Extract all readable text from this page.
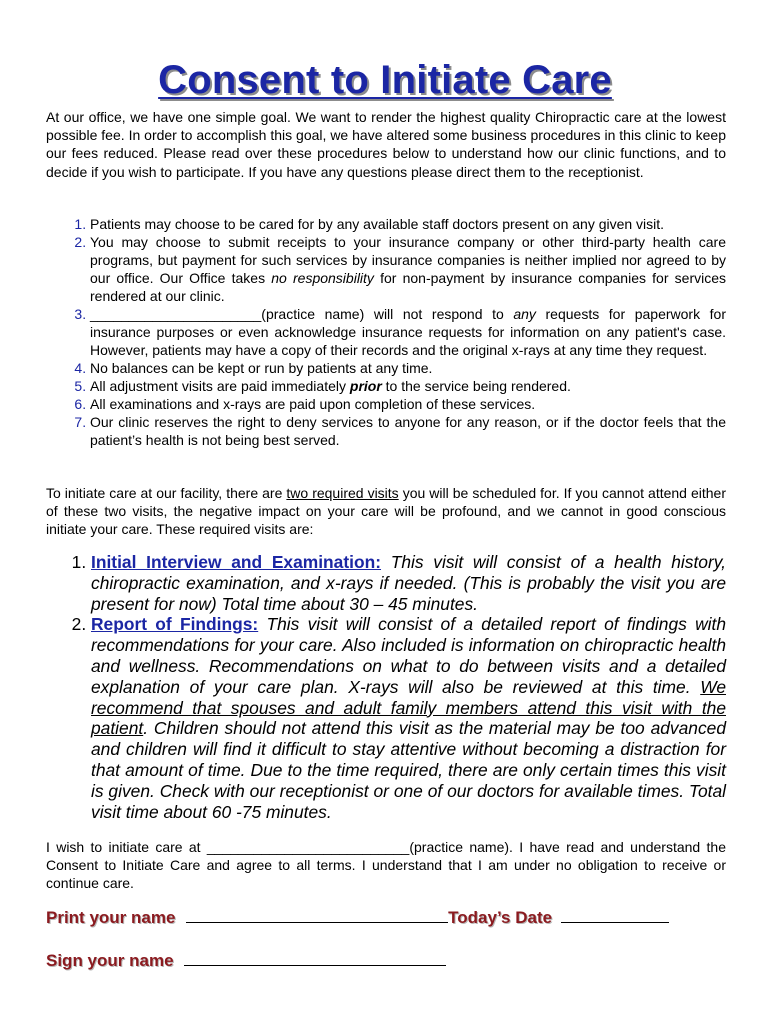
Consent to Initiate Care
At our office, we have one simple goal. We want to render the highest quality Chiropractic care at the lowest possible fee. In order to accomplish this goal, we have altered some business procedures in this clinic to keep our fees reduced. Please read over these procedures below to understand how our clinic functions, and to decide if you wish to participate. If you have any questions please direct them to the receptionist.
1. Patients may choose to be cared for by any available staff doctors present on any given visit.
2. You may choose to submit receipts to your insurance company or other third-party health care programs, but payment for such services by insurance companies is neither implied nor agreed to by our office. Our Office takes no responsibility for non-payment by insurance companies for services rendered at our clinic.
3. ______________________(practice name) will not respond to any requests for paperwork for insurance purposes or even acknowledge insurance requests for information on any patient's case. However, patients may have a copy of their records and the original x-rays at any time they request.
4. No balances can be kept or run by patients at any time.
5. All adjustment visits are paid immediately prior to the service being rendered.
6. All examinations and x-rays are paid upon completion of these services.
7. Our clinic reserves the right to deny services to anyone for any reason, or if the doctor feels that the patient’s health is not being best served.
To initiate care at our facility, there are two required visits you will be scheduled for. If you cannot attend either of these two visits, the negative impact on your care will be profound, and we cannot in good conscious initiate your care. These required visits are:
1. Initial Interview and Examination: This visit will consist of a health history, chiropractic examination, and x-rays if needed. (This is probably the visit you are present for now) Total time about 30 – 45 minutes.
2. Report of Findings: This visit will consist of a detailed report of findings with recommendations for your care. Also included is information on chiropractic health and wellness. Recommendations on what to do between visits and a detailed explanation of your care plan. X-rays will also be reviewed at this time. We recommend that spouses and adult family members attend this visit with the patient. Children should not attend this visit as the material may be too advanced and children will find it difficult to stay attentive without becoming a distraction for that amount of time. Due to the time required, there are only certain times this visit is given. Check with our receptionist or one of our doctors for available times. Total visit time about 60 -75 minutes.
I wish to initiate care at __________________________(practice name). I have read and understand the Consent to Initiate Care and agree to all terms. I understand that I am under no obligation to receive or continue care.
Print your name	Today’s Date
Sign your name
